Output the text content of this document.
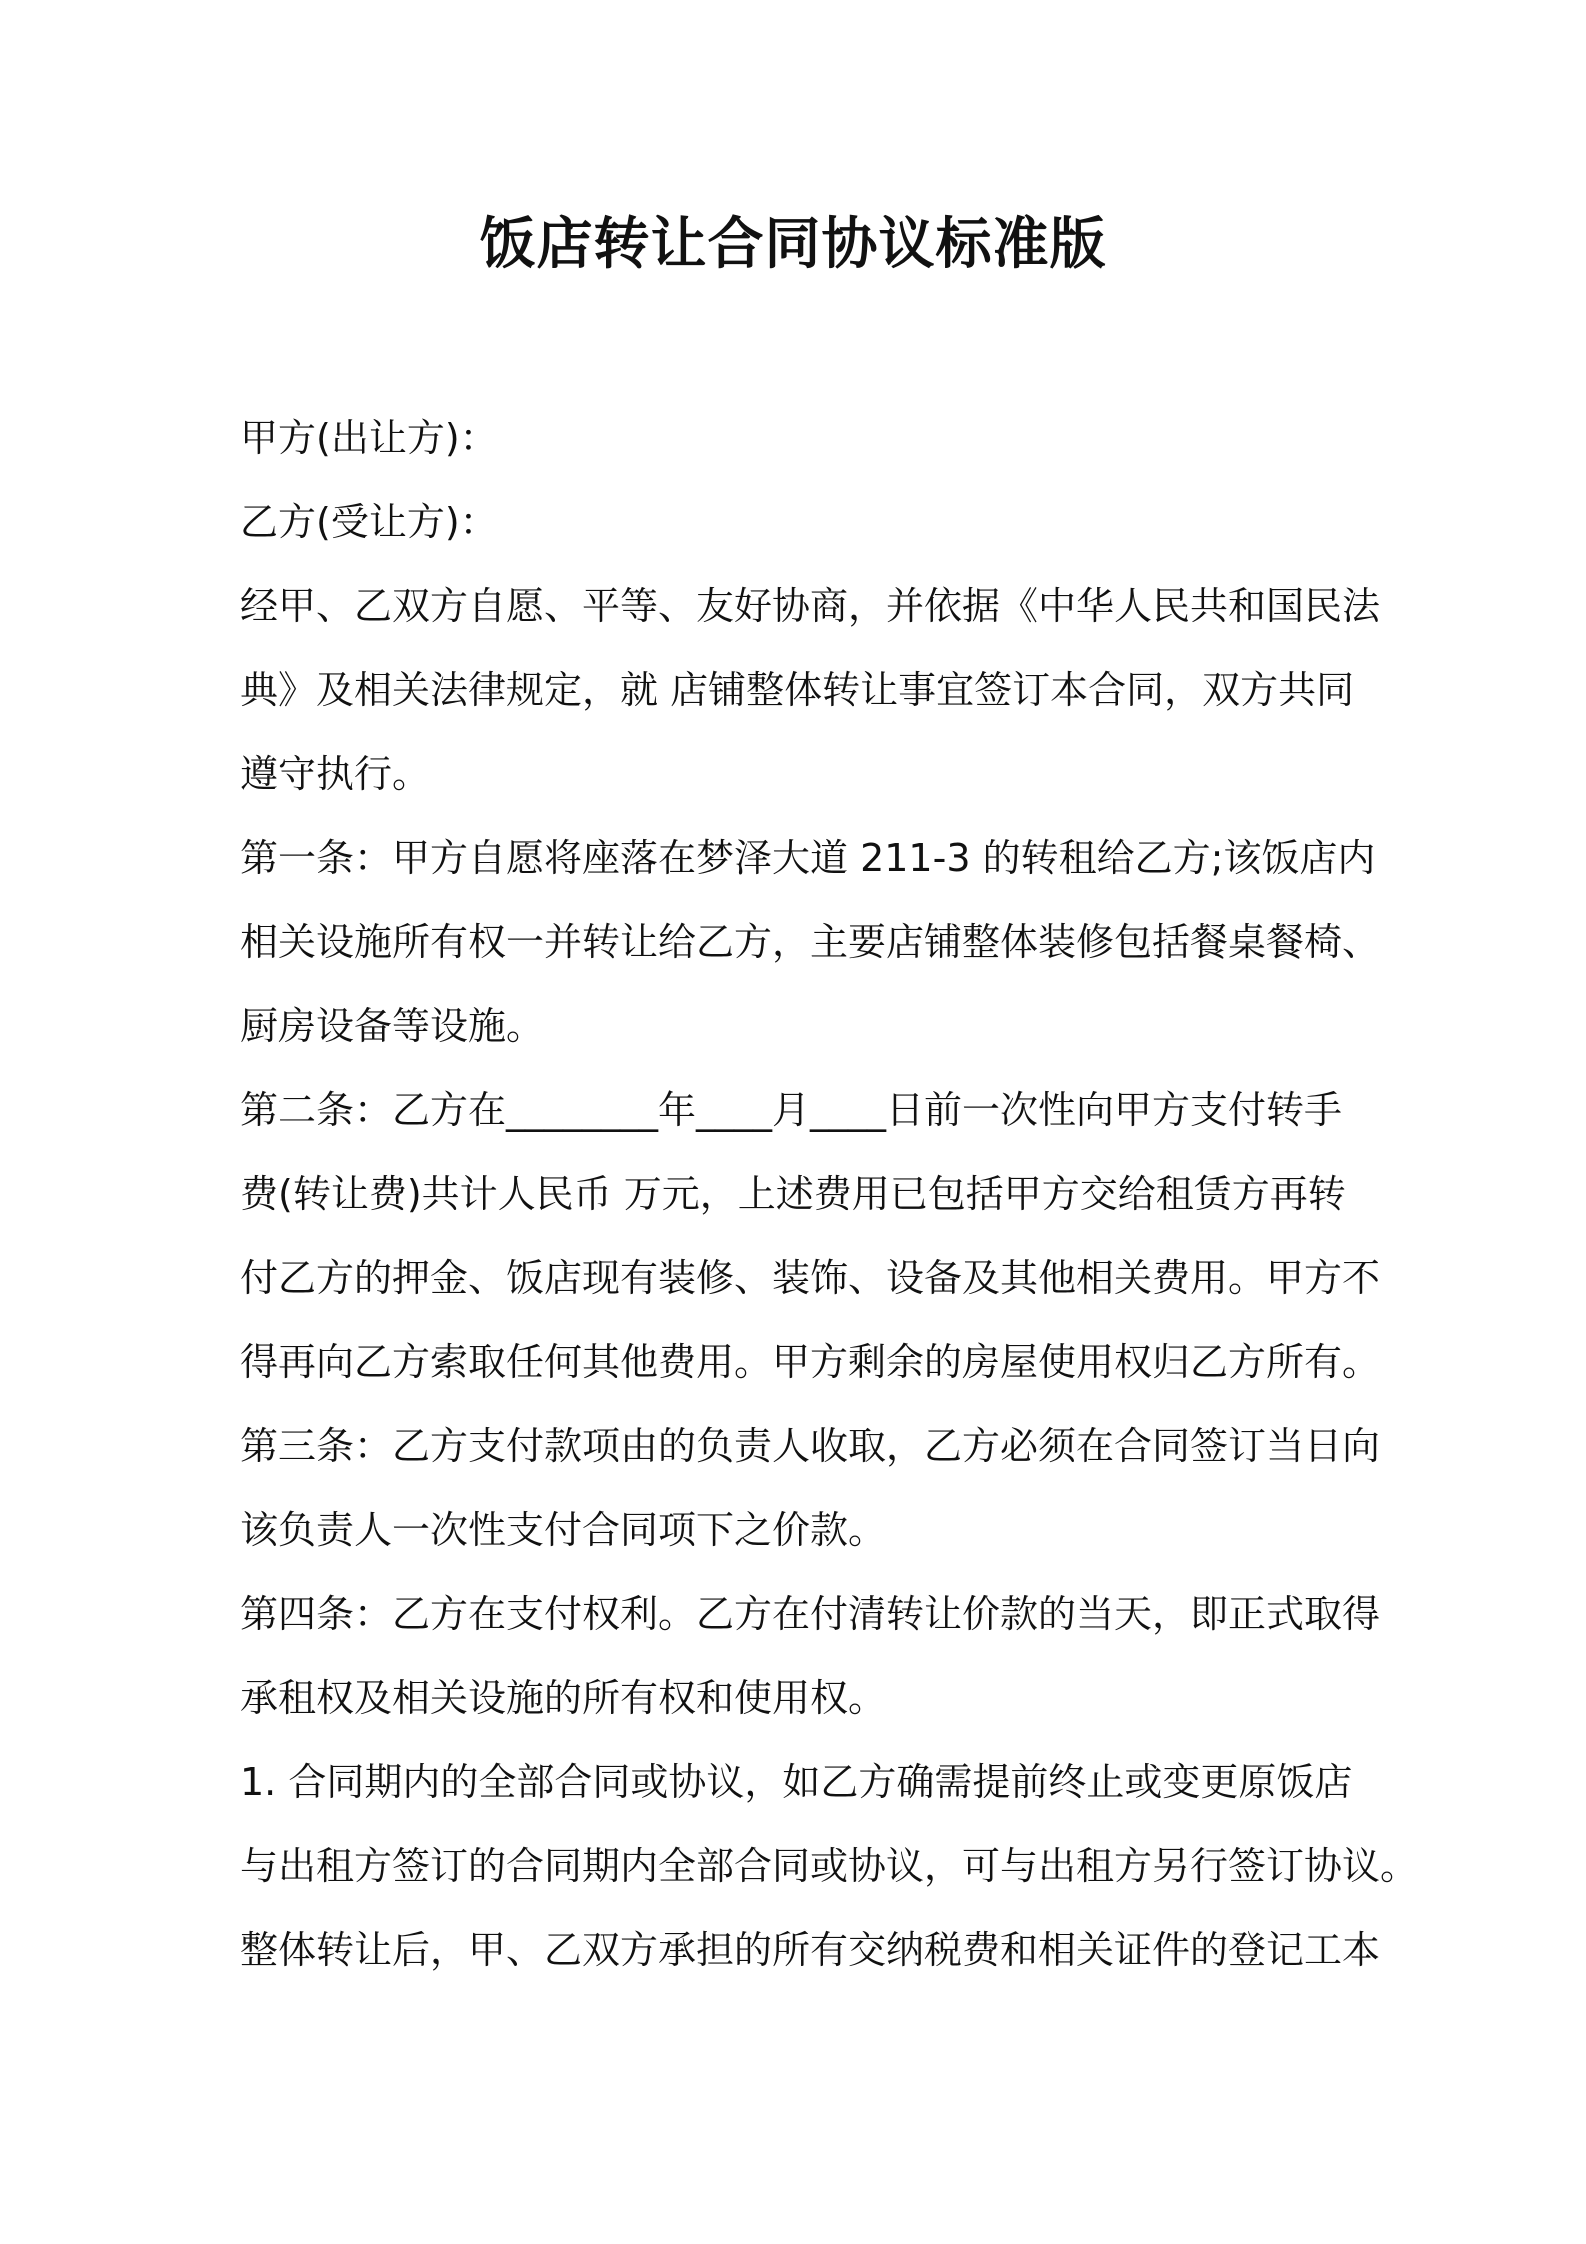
饭店转让合同协议标准版
甲方(出让方)：
乙方(受让方)：
经甲、乙双方自愿、平等、友好协商，并依据《中华人民共和国民法
典》及相关法律规定，就 店铺整体转让事宜签订本合同，双方共同
遵守执行。
第一条：甲方自愿将座落在梦泽大道 211-3 的转租给乙方;该饭店内
相关设施所有权一并转让给乙方，主要店铺整体装修包括餐桌餐椅、
厨房设备等设施。
第二条：乙方在________年____月____日前一次性向甲方支付转手
费(转让费)共计人民币 万元，上述费用已包括甲方交给租赁方再转
付乙方的押金、饭店现有装修、装饰、设备及其他相关费用。甲方不
得再向乙方索取任何其他费用。甲方剩余的房屋使用权归乙方所有。
第三条：乙方支付款项由的负责人收取，乙方必须在合同签订当日向
该负责人一次性支付合同项下之价款。
第四条：乙方在支付权利。乙方在付清转让价款的当天，即正式取得
承租权及相关设施的所有权和使用权。
1. 合同期内的全部合同或协议，如乙方确需提前终止或变更原饭店
与出租方签订的合同期内全部合同或协议，可与出租方另行签订协议。
整体转让后，甲、乙双方承担的所有交纳税费和相关证件的登记工本
